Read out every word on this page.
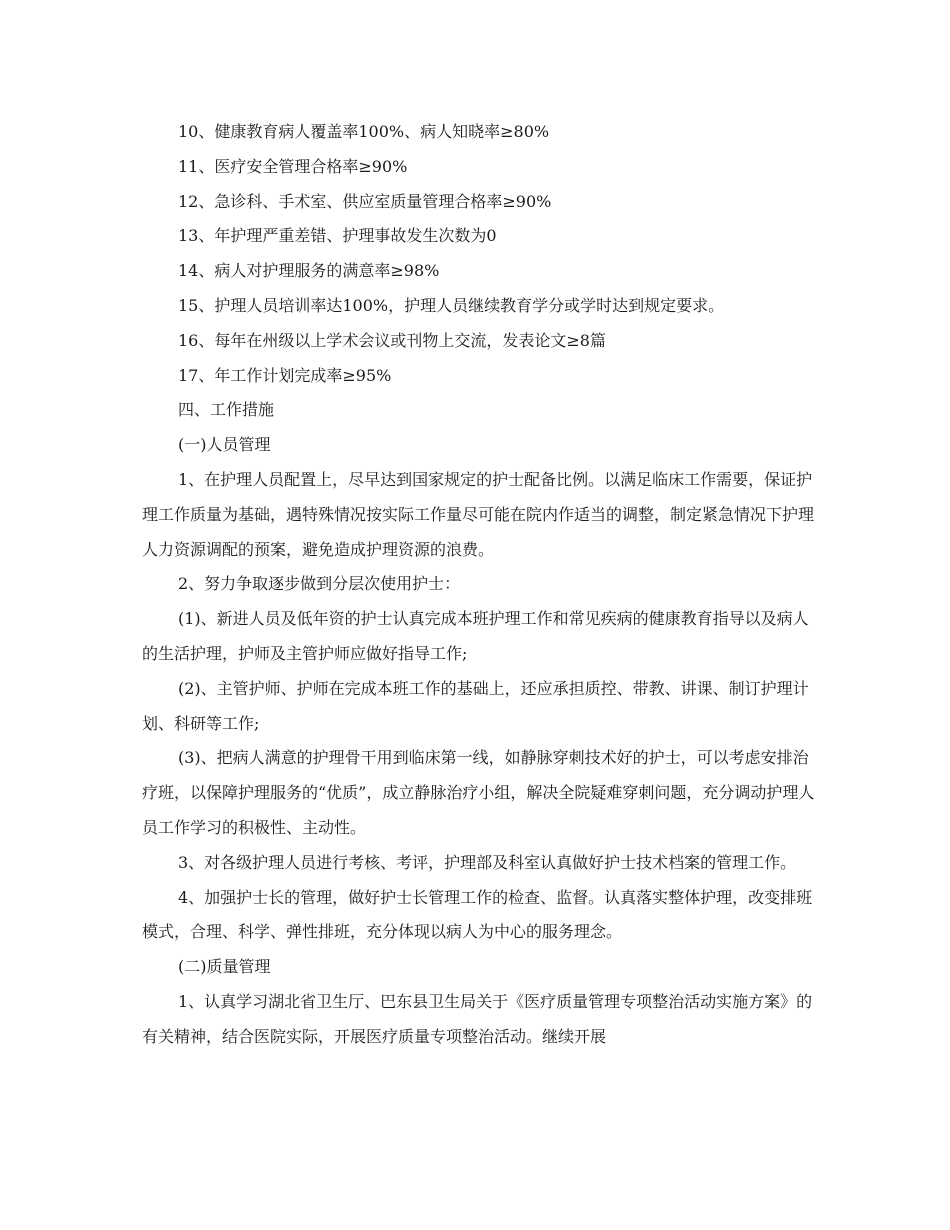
10、健康教育病人覆盖率100%、病人知晓率≥80%

11、医疗安全管理合格率≥90%

12、急诊科、手术室、供应室质量管理合格率≥90%

13、年护理严重差错、护理事故发生次数为0

14、病人对护理服务的满意率≥98%

15、护理人员培训率达100%，护理人员继续教育学分或学时达到规定要求。

16、每年在州级以上学术会议或刊物上交流，发表论文≥8篇

17、年工作计划完成率≥95%

四、工作措施

(一)人员管理

1、在护理人员配置上，尽早达到国家规定的护士配备比例。以满足临床工作需要，保证护理工作质量为基础，遇特殊情况按实际工作量尽可能在院内作适当的调整，制定紧急情况下护理人力资源调配的预案，避免造成护理资源的浪费。

2、努力争取逐步做到分层次使用护士：

(1)、新进人员及低年资的护士认真完成本班护理工作和常见疾病的健康教育指导以及病人的生活护理，护师及主管护师应做好指导工作;

(2)、主管护师、护师在完成本班工作的基础上，还应承担质控、带教、讲课、制订护理计划、科研等工作;

(3)、把病人满意的护理骨干用到临床第一线，如静脉穿刺技术好的护士，可以考虑安排治疗班，以保障护理服务的“优质”，成立静脉治疗小组，解决全院疑难穿刺问题，充分调动护理人员工作学习的积极性、主动性。

3、对各级护理人员进行考核、考评，护理部及科室认真做好护士技术档案的管理工作。

4、加强护士长的管理，做好护士长管理工作的检查、监督。认真落实整体护理，改变排班模式，合理、科学、弹性排班，充分体现以病人为中心的服务理念。

(二)质量管理

1、认真学习湖北省卫生厅、巴东县卫生局关于《医疗质量管理专项整治活动实施方案》的有关精神，结合医院实际，开展医疗质量专项整治活动。继续开展
